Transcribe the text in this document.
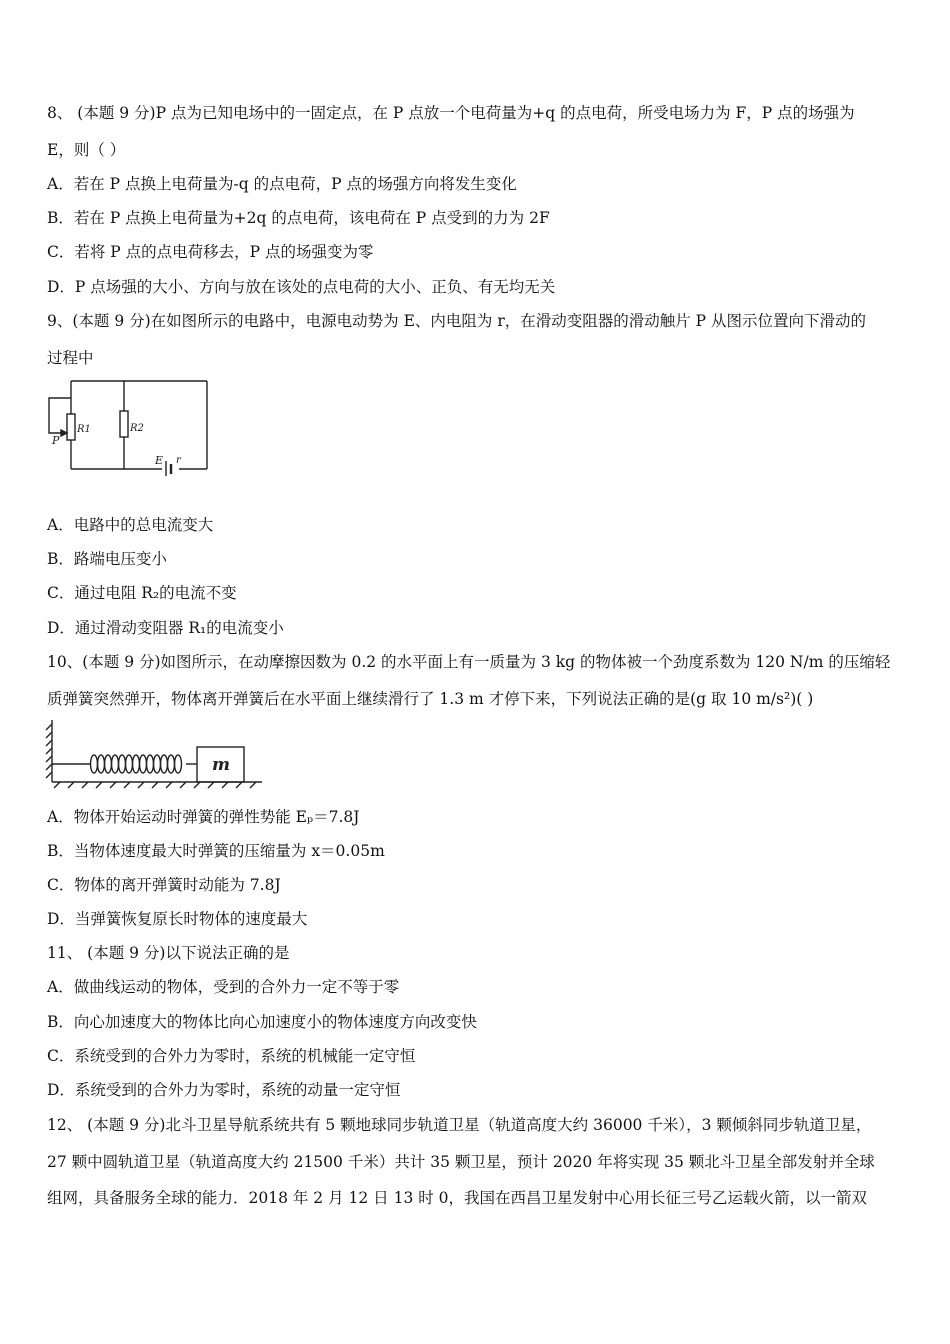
8、 (本题 9 分)P 点为已知电场中的一固定点，在 P 点放一个电荷量为+q 的点电荷，所受电场力为 F，P 点的场强为
E，则（ ）
A．若在 P 点换上电荷量为-q 的点电荷，P 点的场强方向将发生变化
B．若在 P 点换上电荷量为+2q 的点电荷，该电荷在 P 点受到的力为 2F
C．若将 P 点的点电荷移去，P 点的场强变为零
D．P 点场强的大小、方向与放在该处的点电荷的大小、正负、有无均无关
9、(本题 9 分)在如图所示的电路中，电源电动势为 E、内电阻为 r，在滑动变阻器的滑动触片 P 从图示位置向下滑动的
过程中
P
R1	R2
E r
A．电路中的总电流变大
B．路端电压变小
C．通过电阻 R₂的电流不变
D．通过滑动变阻器 R₁的电流变小
10、(本题 9 分)如图所示，在动摩擦因数为 0.2 的水平面上有一质量为 3 kg 的物体被一个劲度系数为 120 N/m 的压缩轻
质弹簧突然弹开，物体离开弹簧后在水平面上继续滑行了 1.3 m 才停下来，下列说法正确的是(g 取 10 m/s²)( )
m
A．物体开始运动时弹簧的弹性势能 Eₚ＝7.8J
B．当物体速度最大时弹簧的压缩量为 x＝0.05m
C．物体的离开弹簧时动能为 7.8J
D．当弹簧恢复原长时物体的速度最大
11、 (本题 9 分)以下说法正确的是
A．做曲线运动的物体，受到的合外力一定不等于零
B．向心加速度大的物体比向心加速度小的物体速度方向改变快
C．系统受到的合外力为零时，系统的机械能一定守恒
D．系统受到的合外力为零时，系统的动量一定守恒
12、 (本题 9 分)北斗卫星导航系统共有 5 颗地球同步轨道卫星（轨道高度大约 36000 千米），3 颗倾斜同步轨道卫星，
27 颗中圆轨道卫星（轨道高度大约 21500 千米）共计 35 颗卫星，预计 2020 年将实现 35 颗北斗卫星全部发射并全球
组网，具备服务全球的能力．2018 年 2 月 12 日 13 时 0，我国在西昌卫星发射中心用长征三号乙运载火箭，以一箭双
